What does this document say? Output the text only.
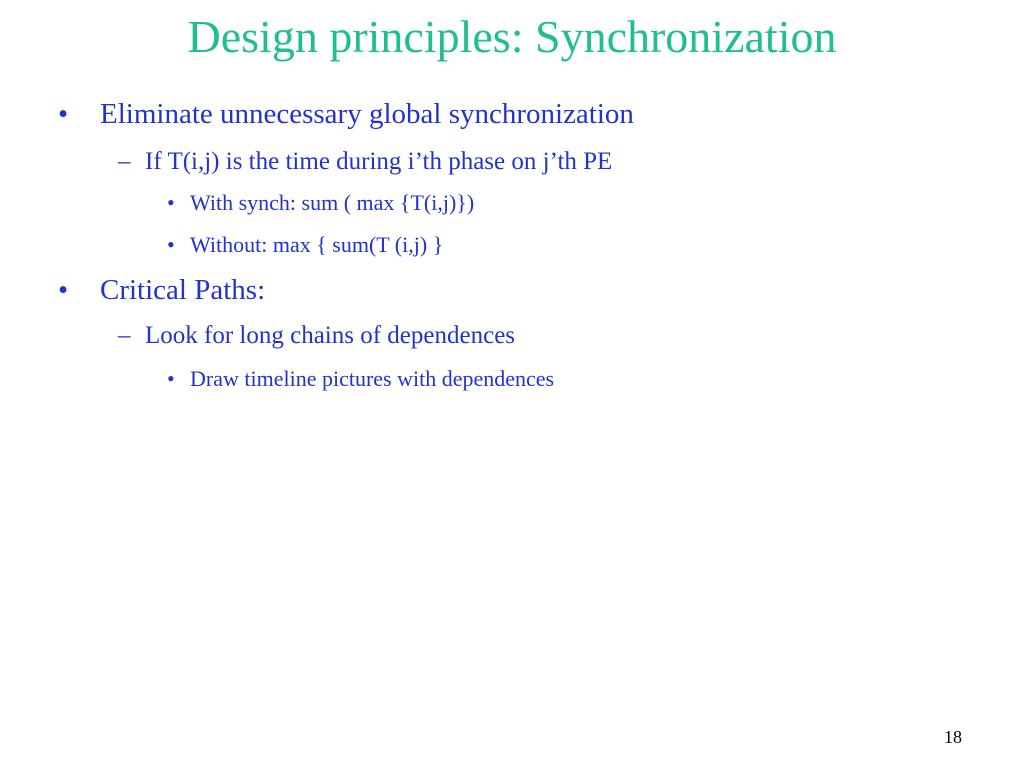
Design principles: Synchronization
• Eliminate unnecessary global synchronization
– If T(i,j) is the time during i’th phase on j’th PE
• With synch: sum ( max {T(i,j)})
• Without: max { sum(T (i,j) }
• Critical Paths:
– Look for long chains of dependences
• Draw timeline pictures with dependences
18
